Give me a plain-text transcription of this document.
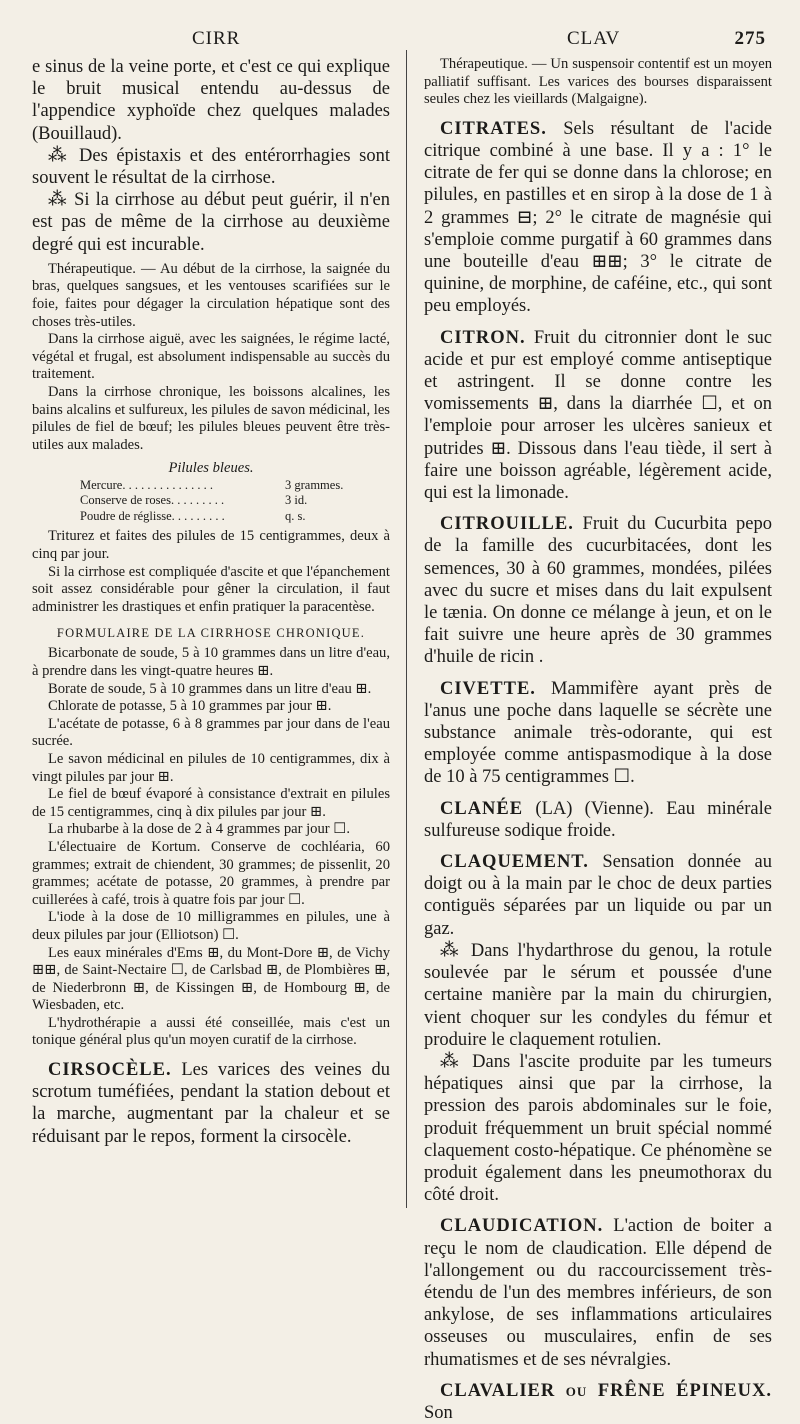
CIRR	CLAV	275

e sinus de la veine porte, et c'est ce qui explique le bruit musical entendu au-dessus de l'appendice xyphoïde chez quelques malades (Bouillaud).

⁂ Des épistaxis et des entérorrhagies sont souvent le résultat de la cirrhose.

⁂ Si la cirrhose au début peut guérir, il n'en est pas de même de la cirrhose au deuxième degré qui est incurable.

Thérapeutique. — Au début de la cirrhose, la saignée du bras, quelques sangsues, et les ventouses scarifiées sur le foie, faites pour dégager la circulation hépatique sont des choses très-utiles.

Dans la cirrhose aiguë, avec les saignées, le régime lacté, végétal et frugal, est absolument indispensable au succès du traitement.

Dans la cirrhose chronique, les boissons alcalines, les bains alcalins et sulfureux, les pilules de savon médicinal, les pilules de fiel de bœuf; les pilules bleues peuvent être très-utiles aux malades.

Pilules bleues.
Mercure. . . . . . . . . . . . . . .	3 grammes.
Conserve de roses. . . . . . . . .	3 id.
Poudre de réglisse. . . . . . . . .	q. s.

Triturez et faites des pilules de 15 centigrammes, deux à cinq par jour.

Si la cirrhose est compliquée d'ascite et que l'épanchement soit assez considérable pour gêner la circulation, il faut administrer les drastiques et enfin pratiquer la paracentèse.

FORMULAIRE DE LA CIRRHOSE CHRONIQUE.

Bicarbonate de soude, 5 à 10 grammes dans un litre d'eau, à prendre dans les vingt-quatre heures ⊞.

Borate de soude, 5 à 10 grammes dans un litre d'eau ⊞.

Chlorate de potasse, 5 à 10 grammes par jour ⊞.

L'acétate de potasse, 6 à 8 grammes par jour dans de l'eau sucrée.

Le savon médicinal en pilules de 10 centigrammes, dix à vingt pilules par jour ⊞.

Le fiel de bœuf évaporé à consistance d'extrait en pilules de 15 centigrammes, cinq à dix pilules par jour ⊞.

La rhubarbe à la dose de 2 à 4 grammes par jour ☐.

L'électuaire de Kortum. Conserve de cochléaria, 60 grammes; extrait de chiendent, 30 grammes; de pissenlit, 20 grammes; acétate de potasse, 20 grammes, à prendre par cuillerées à café, trois à quatre fois par jour ☐.

L'iode à la dose de 10 milligrammes en pilules, une à deux pilules par jour (Elliotson) ☐.

Les eaux minérales d'Ems ⊞, du Mont-Dore ⊞, de Vichy ⊞⊞, de Saint-Nectaire ☐, de Carlsbad ⊞, de Plombières ⊞, de Niederbronn ⊞, de Kissingen ⊞, de Hombourg ⊞, de Wiesbaden, etc.

L'hydrothérapie a aussi été conseillée, mais c'est un tonique général plus qu'un moyen curatif de la cirrhose.

CIRSOCÈLE. Les varices des veines du scrotum tuméfiées, pendant la station debout et la marche, augmentant par la chaleur et se réduisant par le repos, forment la cirsocèle.

Thérapeutique. — Un suspensoir contentif est un moyen palliatif suffisant. Les varices des bourses disparaissent seules chez les vieillards (Malgaigne).

CITRATES. Sels résultant de l'acide citrique combiné à une base. Il y a : 1° le citrate de fer qui se donne dans la chlorose; en pilules, en pastilles et en sirop à la dose de 1 à 2 grammes ⊟; 2° le citrate de magnésie qui s'emploie comme purgatif à 60 grammes dans une bouteille d'eau ⊞⊞; 3° le citrate de quinine, de morphine, de caféine, etc., qui sont peu employés.

CITRON. Fruit du citronnier dont le suc acide et pur est employé comme antiseptique et astringent. Il se donne contre les vomissements ⊞, dans la diarrhée ☐, et on l'emploie pour arroser les ulcères sanieux et putrides ⊞. Dissous dans l'eau tiède, il sert à faire une boisson agréable, légèrement acide, qui est la limonade.

CITROUILLE. Fruit du Cucurbita pepo de la famille des cucurbitacées, dont les semences, 30 à 60 grammes, mondées, pilées avec du sucre et mises dans du lait expulsent le tænia. On donne ce mélange à jeun, et on le fait suivre une heure après de 30 grammes d'huile de ricin .

CIVETTE. Mammifère ayant près de l'anus une poche dans laquelle se sécrète une substance animale très-odorante, qui est employée comme antispasmodique à la dose de 10 à 75 centigrammes ☐.

CLANÉE (LA) (Vienne). Eau minérale sulfureuse sodique froide.

CLAQUEMENT. Sensation donnée au doigt ou à la main par le choc de deux parties contiguës séparées par un liquide ou par un gaz.

⁂ Dans l'hydarthrose du genou, la rotule soulevée par le sérum et poussée d'une certaine manière par la main du chirurgien, vient choquer sur les condyles du fémur et produire le claquement rotulien.

⁂ Dans l'ascite produite par les tumeurs hépatiques ainsi que par la cirrhose, la pression des parois abdominales sur le foie, produit fréquemment un bruit spécial nommé claquement costo-hépatique. Ce phénomène se produit également dans les pneumothorax du côté droit.

CLAUDICATION. L'action de boiter a reçu le nom de claudication. Elle dépend de l'allongement ou du raccourcissement très-étendu de l'un des membres inférieurs, de son ankylose, de ses inflammations articulaires osseuses ou musculaires, enfin de ses rhumatismes et de ses névralgies.

CLAVALIER ou FRÊNE ÉPINEUX. Son
